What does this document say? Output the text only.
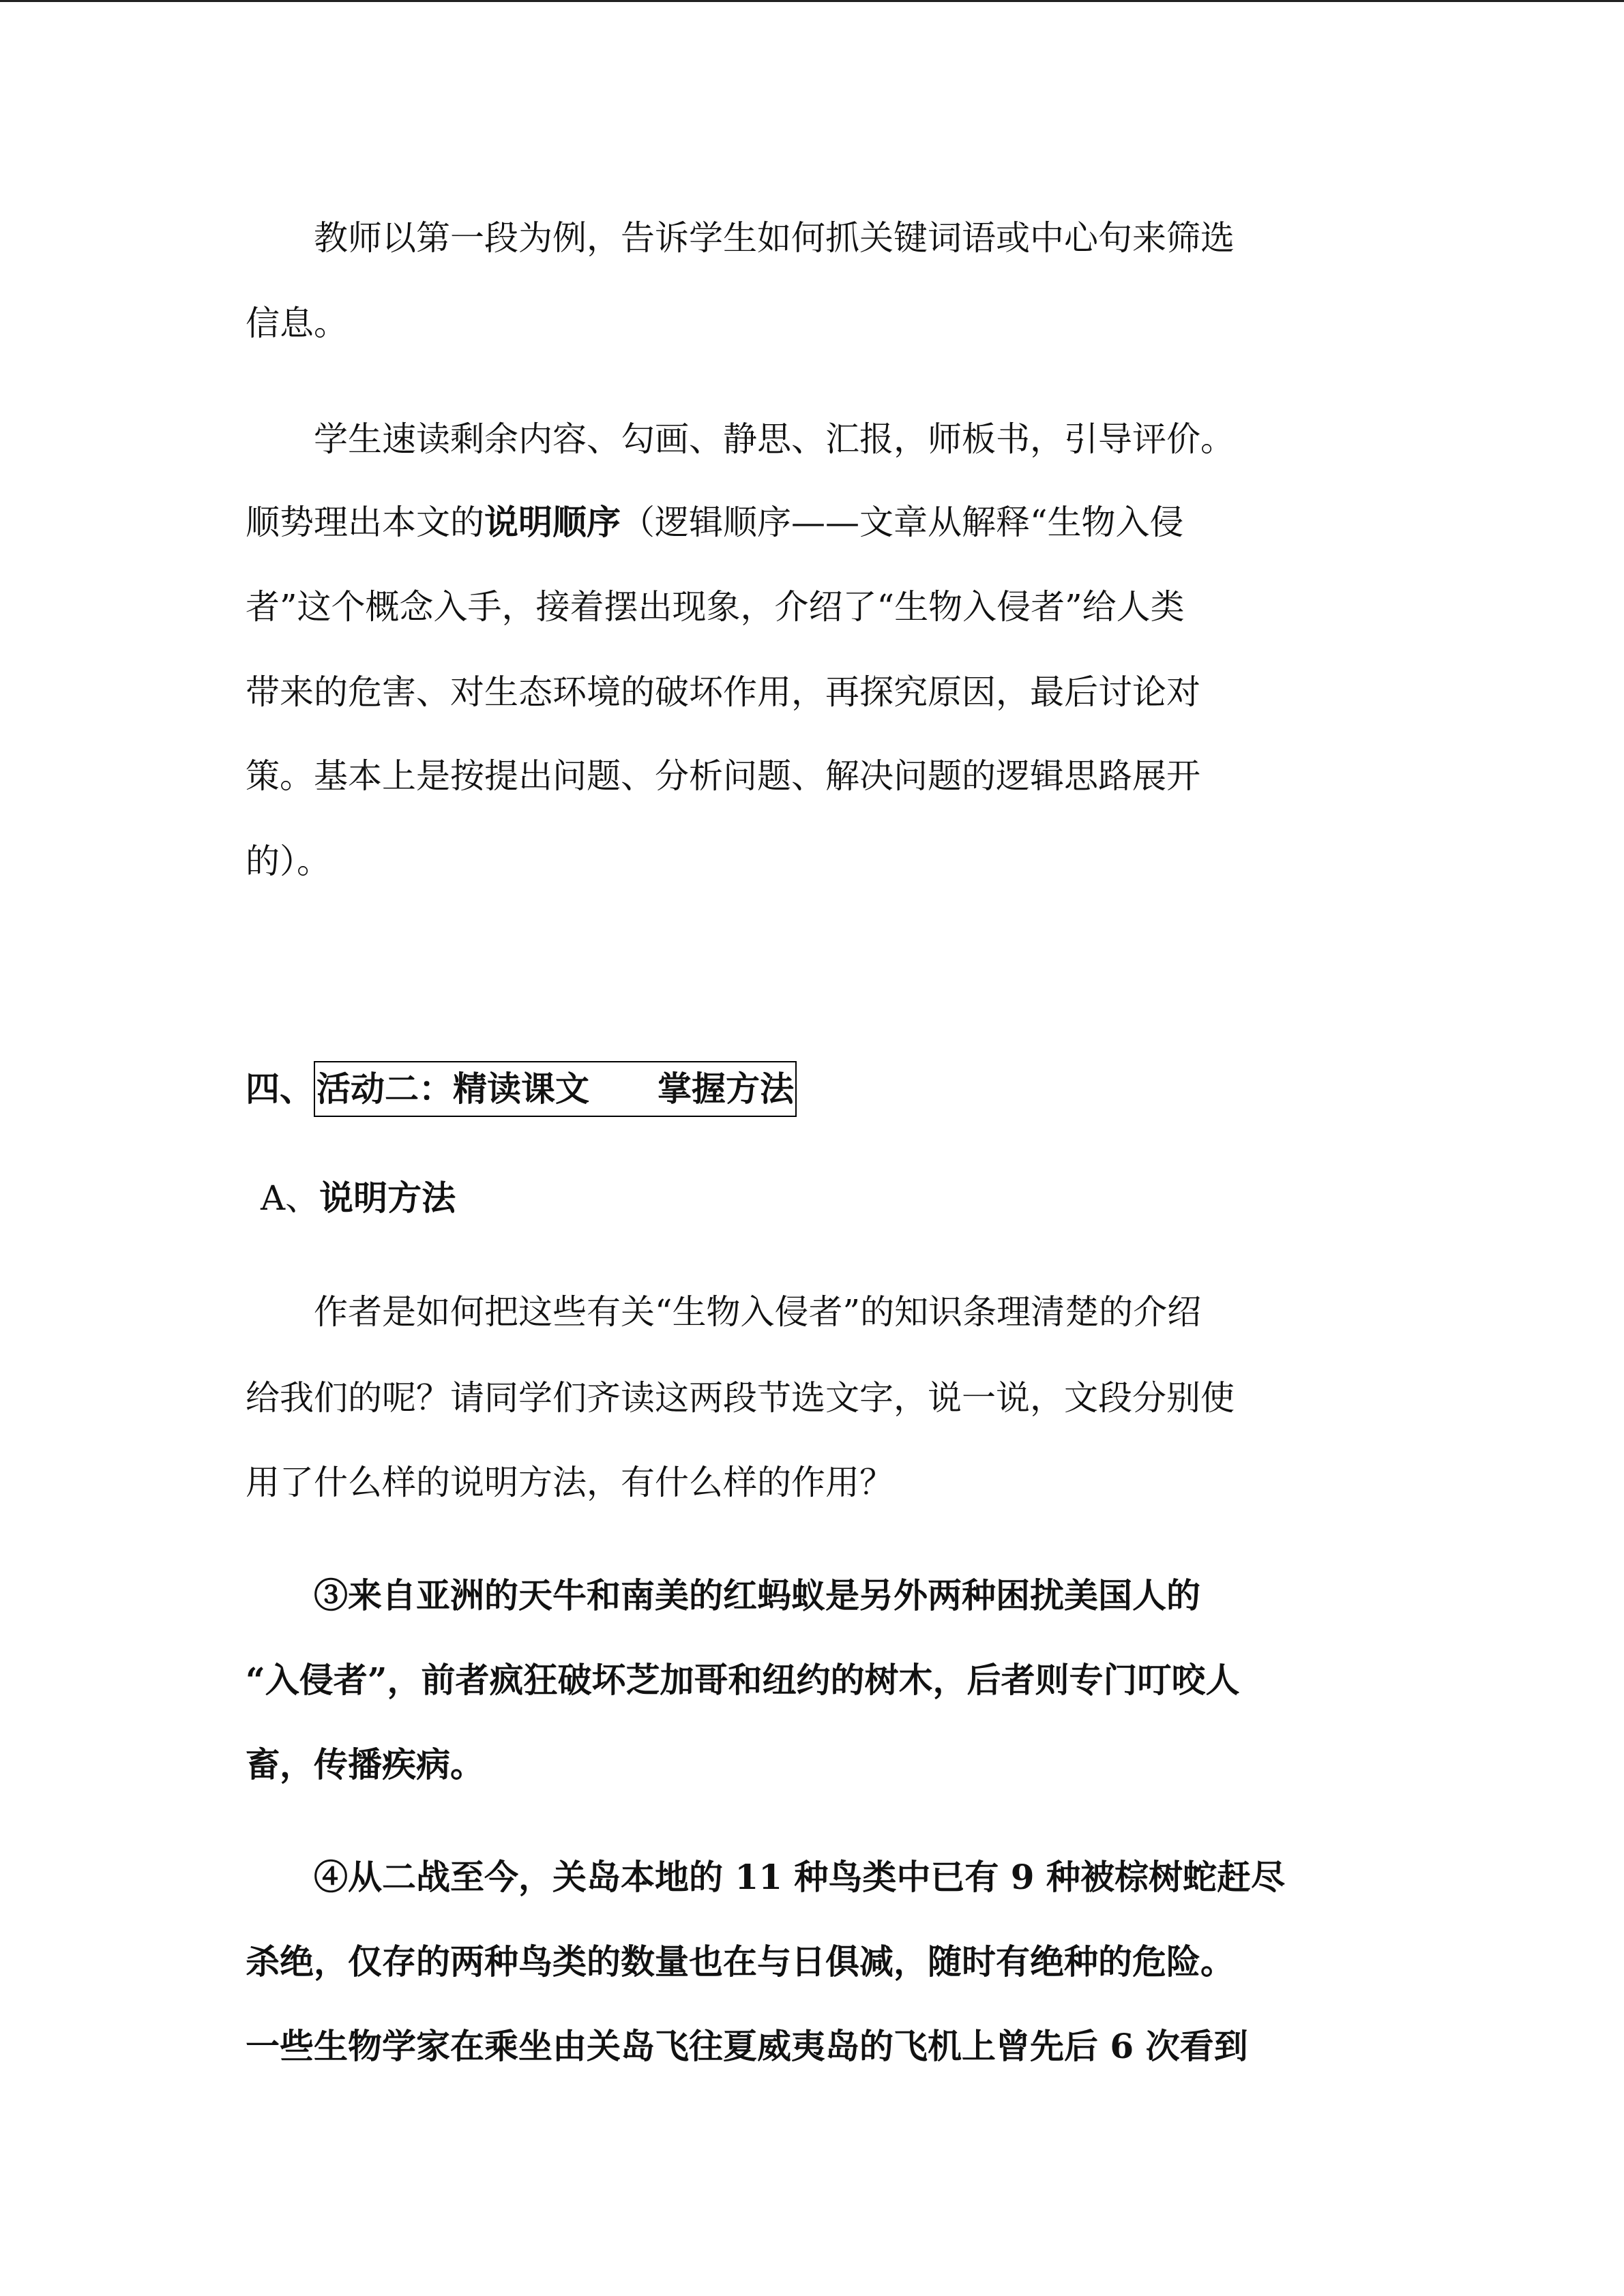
　　教师以第一段为例，告诉学生如何抓关键词语或中心句来筛选
信息。
　　学生速读剩余内容、勾画、静思、汇报，师板书，引导评价。
顺势理出本文的说明顺序（逻辑顺序——文章从解释“生物入侵
者”这个概念入手，接着摆出现象，介绍了“生物入侵者”给人类
带来的危害、对生态环境的破坏作用，再探究原因，最后讨论对
策。基本上是按提出问题、分析问题、解决问题的逻辑思路展开
的）。
四、活动二：精读课文　　掌握方法
A、说明方法
　　作者是如何把这些有关“生物入侵者”的知识条理清楚的介绍
给我们的呢？请同学们齐读这两段节选文字，说一说，文段分别使
用了什么样的说明方法，有什么样的作用？
　　③来自亚洲的天牛和南美的红蚂蚁是另外两种困扰美国人的
“入侵者”，前者疯狂破坏芝加哥和纽约的树木，后者则专门叮咬人
畜，传播疾病。
　　④从二战至今，关岛本地的 11 种鸟类中已有 9 种被棕树蛇赶尽
杀绝，仅存的两种鸟类的数量也在与日俱减，随时有绝种的危险。
一些生物学家在乘坐由关岛飞往夏威夷岛的飞机上曾先后 6 次看到
